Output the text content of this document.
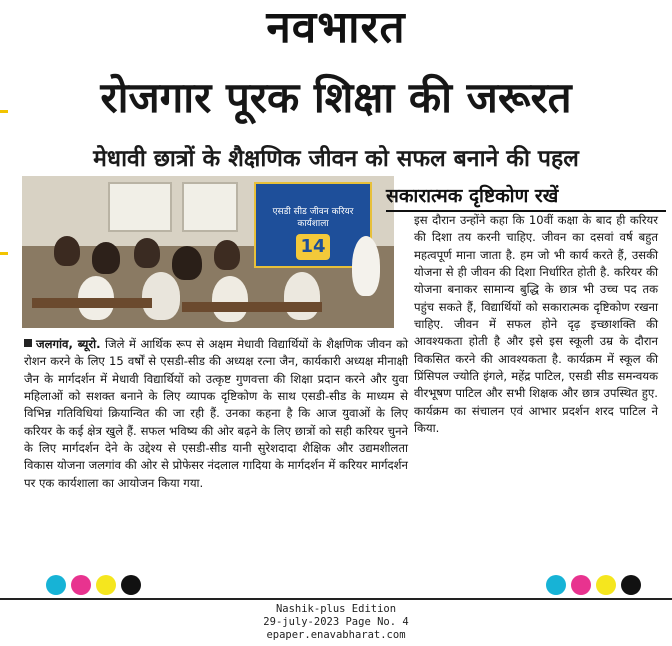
नवभारत
रोजगार पूरक शिक्षा की जरूरत
मेधावी छात्रों के शैक्षणिक जीवन को सफल बनाने की पहल
एसडी सीड जीवन करियर कार्यशाला
14
सकारात्मक दृष्टिकोण रखें
इस दौरान उन्होंने कहा कि 10वीं कक्षा के बाद ही करियर की दिशा तय करनी चाहिए. जीवन का दसवां वर्ष बहुत महत्वपूर्ण माना जाता है. हम जो भी कार्य करते हैं, उसकी योजना से ही जीवन की दिशा निर्धारित होती है. करियर की योजना बनाकर सामान्य बुद्धि के छात्र भी उच्च पद तक पहुंच सकते हैं, विद्यार्थियों को सकारात्मक दृष्टिकोण रखना चाहिए. जीवन में सफल होने दृढ़ इच्छाशक्ति की आवश्यकता होती है और इसे इस स्कूली उम्र के दौरान विकसित करने की आवश्यकता है. कार्यक्रम में स्कूल की प्रिंसिपल ज्योति इंगले, महेंद्र पाटिल, एसडी सीड समन्वयक वीरभूषण पाटिल और सभी शिक्षक और छात्र उपस्थित हुए. कार्यक्रम का संचालन एवं आभार प्रदर्शन शरद पाटिल ने किया.
जलगांव, ब्यूरो. जिले में आर्थिक रूप से अक्षम मेधावी विद्यार्थियों के शैक्षणिक जीवन को रोशन करने के लिए 15 वर्षों से एसडी-सीड की अध्यक्ष रत्ना जैन, कार्यकारी अध्यक्ष मीनाक्षी जैन के मार्गदर्शन में मेधावी विद्यार्थियों को उत्कृष्ट गुणवत्ता की शिक्षा प्रदान करने और युवा महिलाओं को सशक्त बनाने के लिए व्यापक दृष्टिकोण के साथ एसडी-सीड के माध्यम से विभिन्न गतिविधियां क्रियान्वित की जा रही हैं. उनका कहना है कि आज युवाओं के लिए करियर के कई क्षेत्र खुले हैं. सफल भविष्य की ओर बढ़ने के लिए छात्रों को सही करियर चुनने के लिए मार्गदर्शन देने के उद्देश्य से एसडी-सीड यानी सुरेशदादा शैक्षिक और उद्यमशीलता विकास योजना जलगांव की ओर से प्रोफेसर नंदलाल गादिया के मार्गदर्शन में करियर मार्गदर्शन पर एक कार्यशाला का आयोजन किया गया.
Nashik-plus Edition
29-july-2023 Page No. 4
epaper.enavabharat.com
